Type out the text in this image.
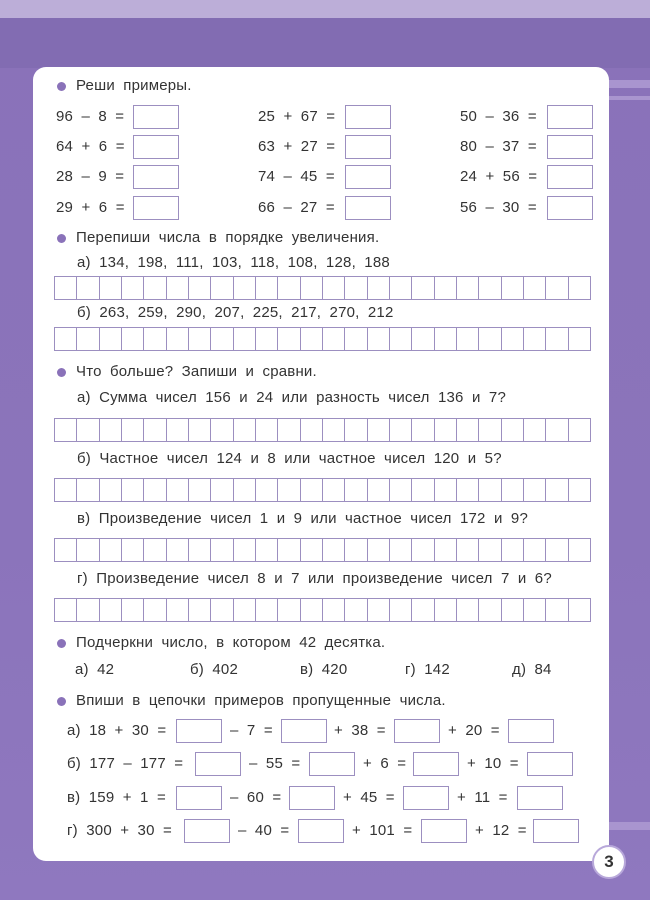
Реши примеры.
96 – 8 =	25 + 67 =	50 – 36 =
64 + 6 =	63 + 27 =	80 – 37 =
28 – 9 =	74 – 45 =	24 + 56 =
29 + 6 =	66 – 27 =	56 – 30 =
Перепиши числа в порядке увеличения.
а) 134, 198, 111, 103, 118, 108, 128, 188
б) 263, 259, 290, 207, 225, 217, 270, 212
Что больше? Запиши и сравни.
а) Сумма чисел 156 и 24 или разность чисел 136 и 7?
б) Частное чисел 124 и 8 или частное чисел 120 и 5?
в) Произведение чисел 1 и 9 или частное чисел 172 и 9?
г) Произведение чисел 8 и 7 или произведение чисел 7 и 6?
Подчеркни число, в котором 42 десятка.
а) 42	б) 402	в) 420	г) 142	д) 84
Впиши в цепочки примеров пропущенные числа.
а) 18 + 30 =	– 7 =	+ 38 =	+ 20 =
б) 177 – 177 =	– 55 =	+ 6 =	+ 10 =
в) 159 + 1 =	– 60 =	+ 45 =	+ 11 =
г) 300 + 30 =	– 40 =	+ 101 =	+ 12 =
3
